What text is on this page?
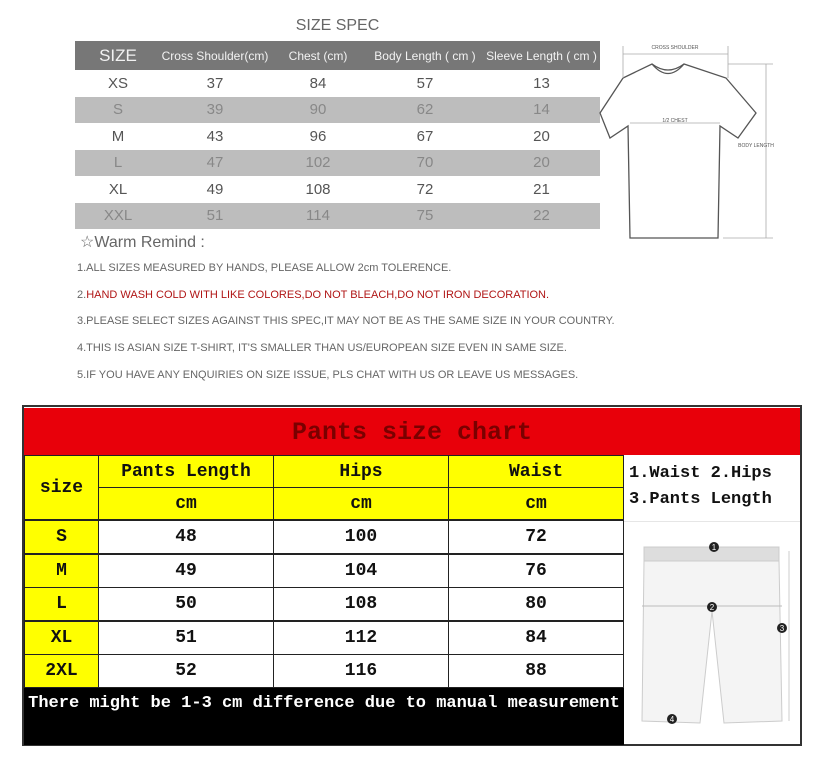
SIZE SPEC
SIZE	Cross Shoulder(cm)	Chest (cm)	Body Length ( cm )	Sleeve Length ( cm )
XS	37	84	57	13
S	39	90	62	14
M	43	96	67	20
L	47	102	70	20
XL	49	108	72	21
XXL	51	114	75	22
CROSS SHOULDER
1/2 CHEST
BODY LENGTH
☆Warm Remind :
1.ALL SIZES MEASURED BY HANDS, PLEASE ALLOW 2cm TOLERENCE.
2.HAND WASH COLD WITH LIKE COLORES,DO NOT BLEACH,DO NOT IRON DECORATION.
3.PLEASE SELECT SIZES AGAINST THIS SPEC,IT MAY NOT BE AS THE SAME SIZE IN YOUR COUNTRY.
4.THIS IS ASIAN SIZE T-SHIRT, IT'S SMALLER THAN US/EUROPEAN SIZE EVEN IN SAME SIZE.
5.IF YOU HAVE ANY ENQUIRIES ON SIZE ISSUE, PLS CHAT WITH US OR LEAVE US MESSAGES.
Pants size chart
size
Pants Length	Hips	Waist
cm	cm	cm
S	48	100	72
M	49	104	76
L	50	108	80
XL	51	112	84
2XL	52	116	88
There might be 1-3 cm difference due to manual measurement
1.Waist 2.Hips
3.Pants Length
1
2
3
4
